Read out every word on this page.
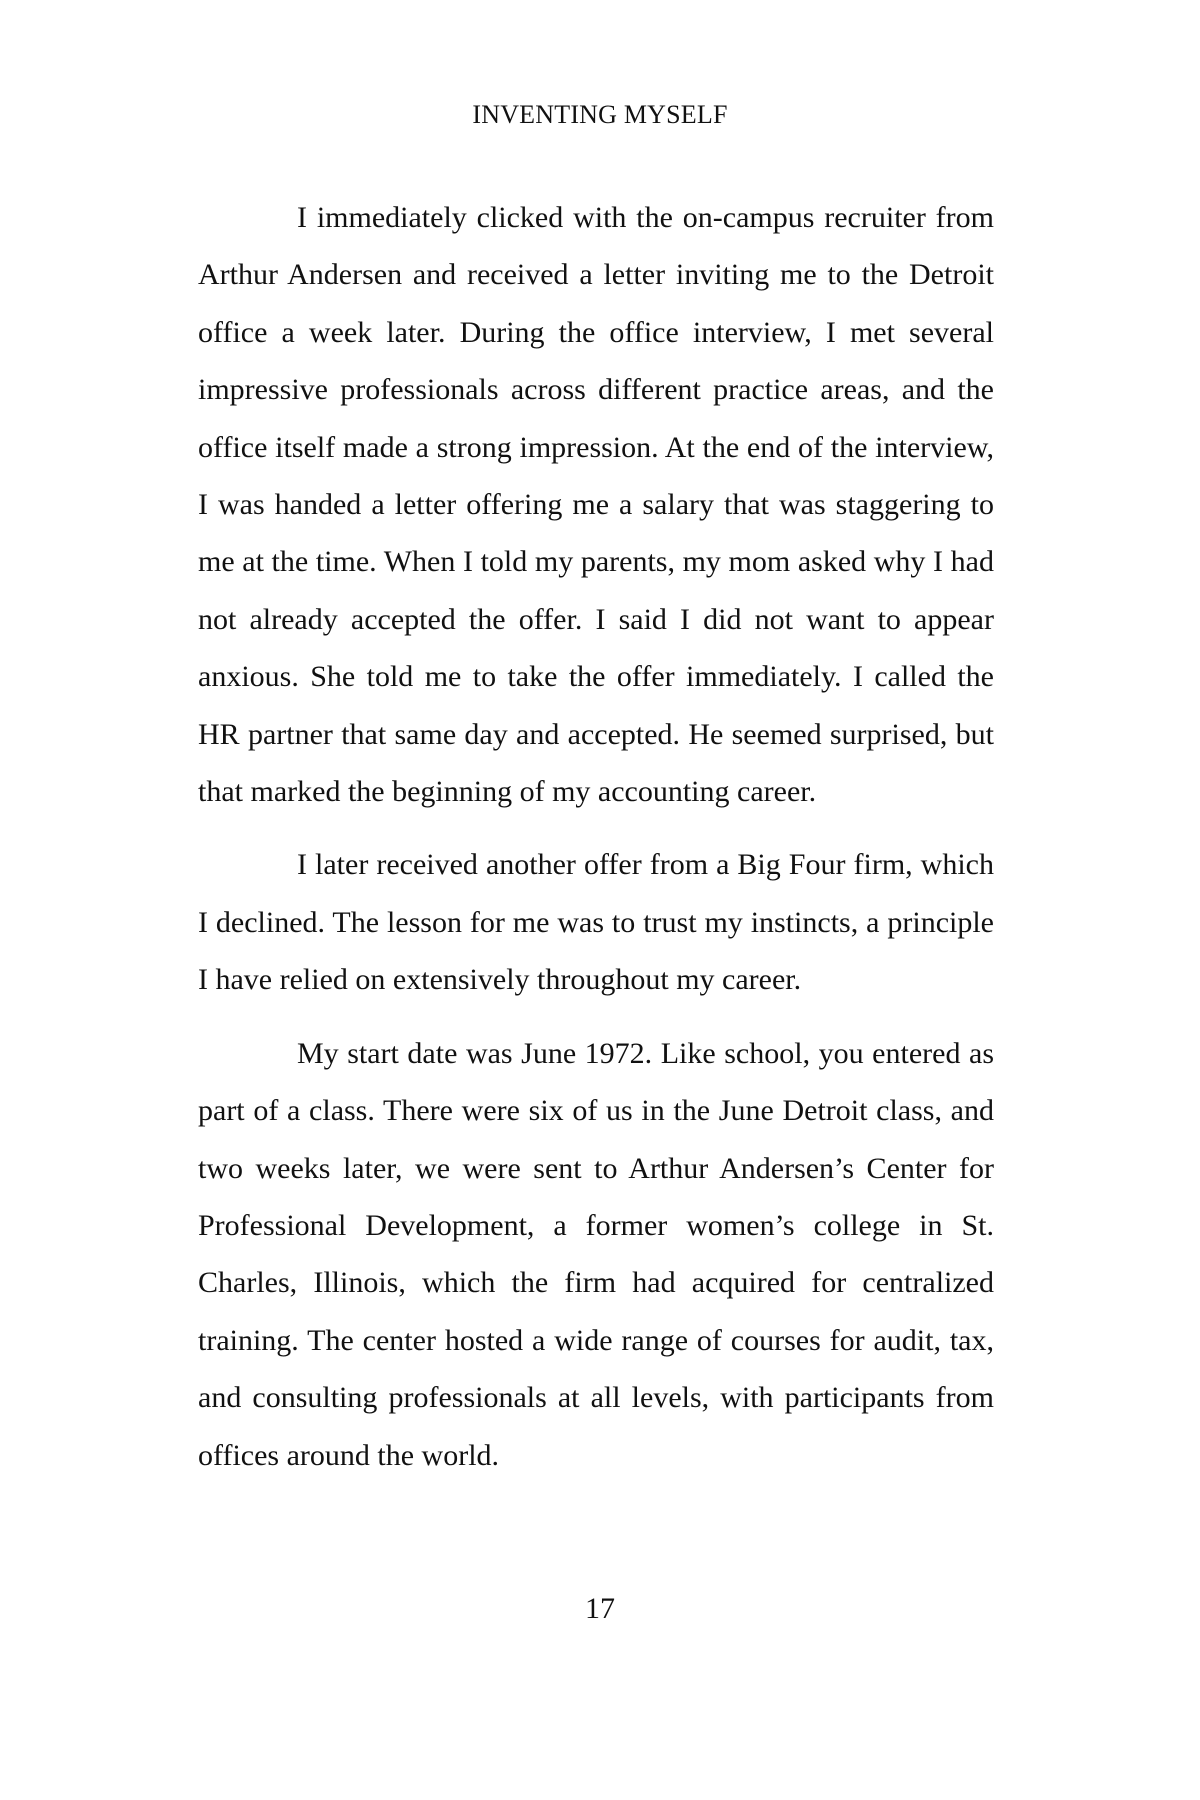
INVENTING MYSELF

I immediately clicked with the on-campus recruiter from Arthur Andersen and received a letter inviting me to the Detroit office a week later. During the office interview, I met several impressive professionals across different practice areas, and the office itself made a strong impression. At the end of the interview, I was handed a letter offering me a salary that was staggering to me at the time. When I told my parents, my mom asked why I had not already accepted the offer. I said I did not want to appear anxious. She told me to take the offer immediately. I called the HR partner that same day and accepted. He seemed surprised, but that marked the beginning of my accounting career.

I later received another offer from a Big Four firm, which I declined. The lesson for me was to trust my instincts, a principle I have relied on extensively throughout my career.

My start date was June 1972. Like school, you entered as part of a class. There were six of us in the June Detroit class, and two weeks later, we were sent to Arthur Andersen’s Center for Professional Development, a former women’s college in St. Charles, Illinois, which the firm had acquired for centralized training. The center hosted a wide range of courses for audit, tax, and consulting professionals at all levels, with participants from offices around the world.

17
